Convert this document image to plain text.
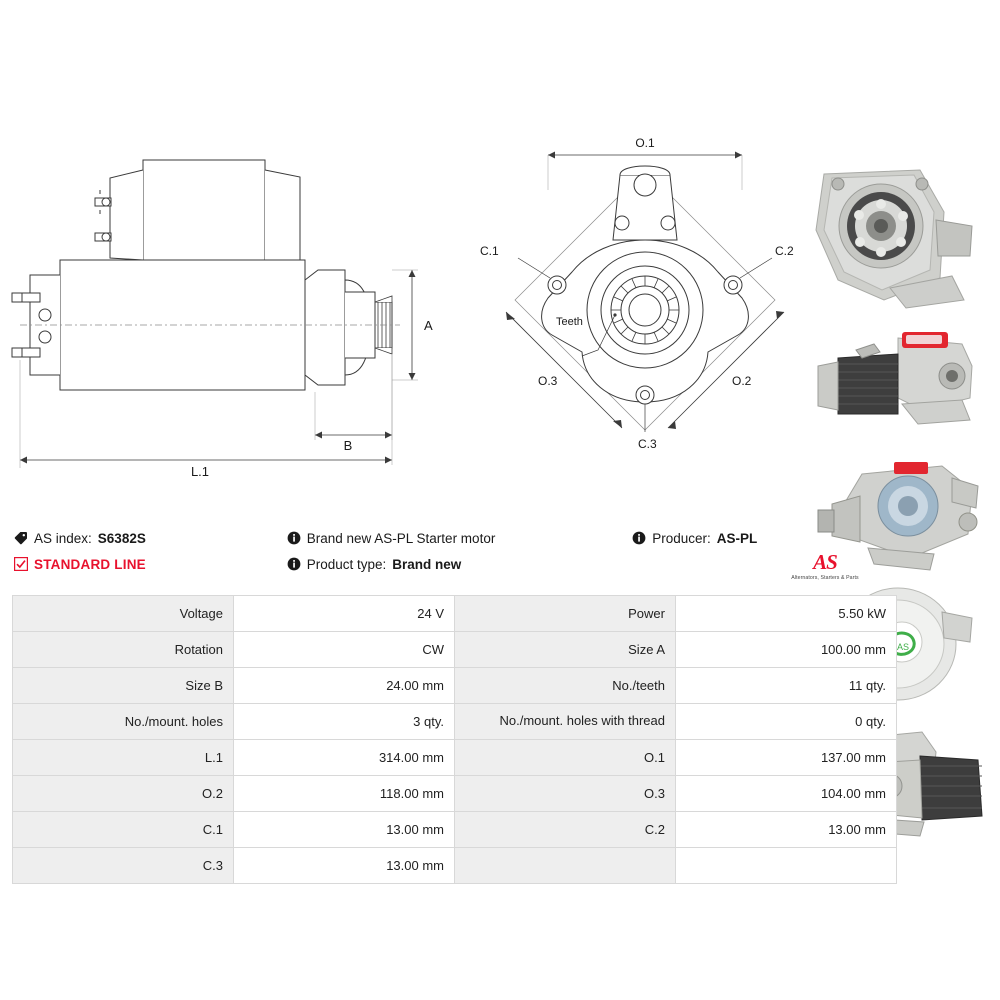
A
B
L.1
Teeth
C.1	C.2
C.3
O.1
O.3	O.2
AS
AS index: S6382S	Brand new AS-PL Starter motor	Producer: AS-PL
STANDARD LINE	Product type: Brand new	AS
Alternators, Starters & Parts
Voltage	24 V	Power	5.50 kW
Rotation	CW	Size A	100.00 mm
Size B	24.00 mm	No./teeth	11 qty.
No./mount. holes	3 qty.	No./mount. holes with thread	0 qty.
L.1	314.00 mm	O.1	137.00 mm
O.2	118.00 mm	O.3	104.00 mm
C.1	13.00 mm	C.2	13.00 mm
C.3	13.00 mm		
